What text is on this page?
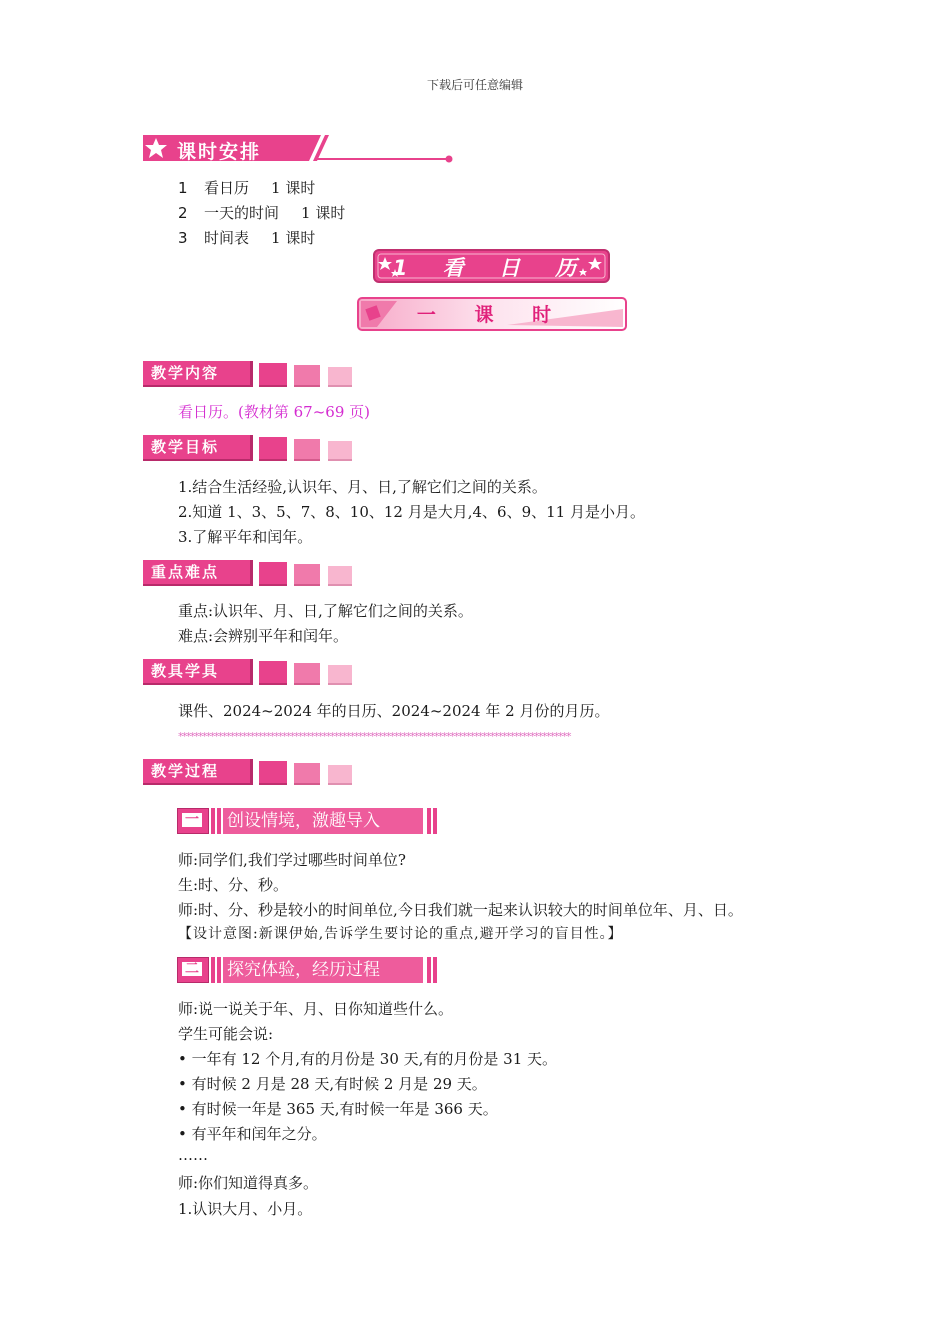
下载后可任意编辑
课时安排
1 看日历 1 课时
2 一天的时间 1 课时
3 时间表 1 课时
1 看 日 历
一 课 时
教学内容
看日历。(教材第 67~69 页)
教学目标
1.结合生活经验,认识年、月、日,了解它们之间的关系。
2.知道 1、3、5、7、8、10、12 月是大月,4、6、9、11 月是小月。
3.了解平年和闰年。
重点难点
重点:认识年、月、日,了解它们之间的关系。
难点:会辨别平年和闰年。
教具学具
课件、2024~2024 年的日历、2024~2024 年 2 月份的月历。
**************************************************************************************************
教学过程
一 创设情境，激趣导入
师:同学们,我们学过哪些时间单位?
生:时、分、秒。
师:时、分、秒是较小的时间单位,今日我们就一起来认识较大的时间单位年、月、日。
【设计意图:新课伊始,告诉学生要讨论的重点,避开学习的盲目性。】
二 探究体验，经历过程
师:说一说关于年、月、日你知道些什么。
学生可能会说:
• 一年有 12 个月,有的月份是 30 天,有的月份是 31 天。
• 有时候 2 月是 28 天,有时候 2 月是 29 天。
• 有时候一年是 365 天,有时候一年是 366 天。
• 有平年和闰年之分。
……
师:你们知道得真多。
1.认识大月、小月。
